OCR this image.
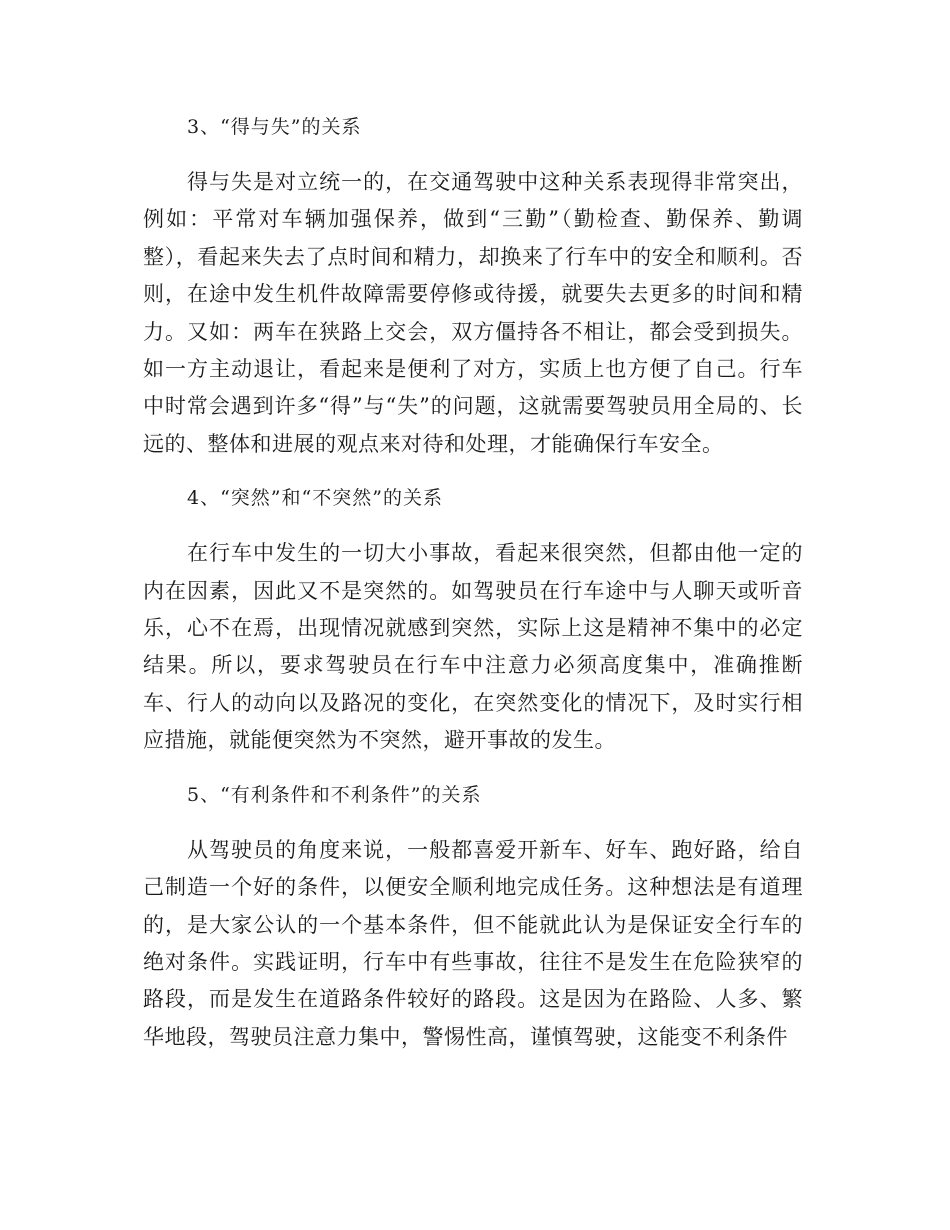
3、“得与失”的关系

得与失是对立统一的，在交通驾驶中这种关系表现得非常突出，例如：平常对车辆加强保养，做到“三勤”（勤检查、勤保养、勤调整），看起来失去了点时间和精力，却换来了行车中的安全和顺利。否则，在途中发生机件故障需要停修或待援，就要失去更多的时间和精力。又如：两车在狭路上交会，双方僵持各不相让，都会受到损失。如一方主动退让，看起来是便利了对方，实质上也方便了自己。行车中时常会遇到许多“得”与“失”的问题，这就需要驾驶员用全局的、长远的、整体和进展的观点来对待和处理，才能确保行车安全。

4、“突然”和“不突然”的关系

在行车中发生的一切大小事故，看起来很突然，但都由他一定的内在因素，因此又不是突然的。如驾驶员在行车途中与人聊天或听音乐，心不在焉，出现情况就感到突然，实际上这是精神不集中的必定结果。所以，要求驾驶员在行车中注意力必须高度集中，准确推断车、行人的动向以及路况的变化，在突然变化的情况下，及时实行相应措施，就能便突然为不突然，避开事故的发生。

5、“有利条件和不利条件”的关系

从驾驶员的角度来说，一般都喜爱开新车、好车、跑好路，给自己制造一个好的条件，以便安全顺利地完成任务。这种想法是有道理的，是大家公认的一个基本条件，但不能就此认为是保证安全行车的绝对条件。实践证明，行车中有些事故，往往不是发生在危险狭窄的路段，而是发生在道路条件较好的路段。这是因为在路险、人多、繁华地段，驾驶员注意力集中，警惕性高，谨慎驾驶，这能变不利条件
